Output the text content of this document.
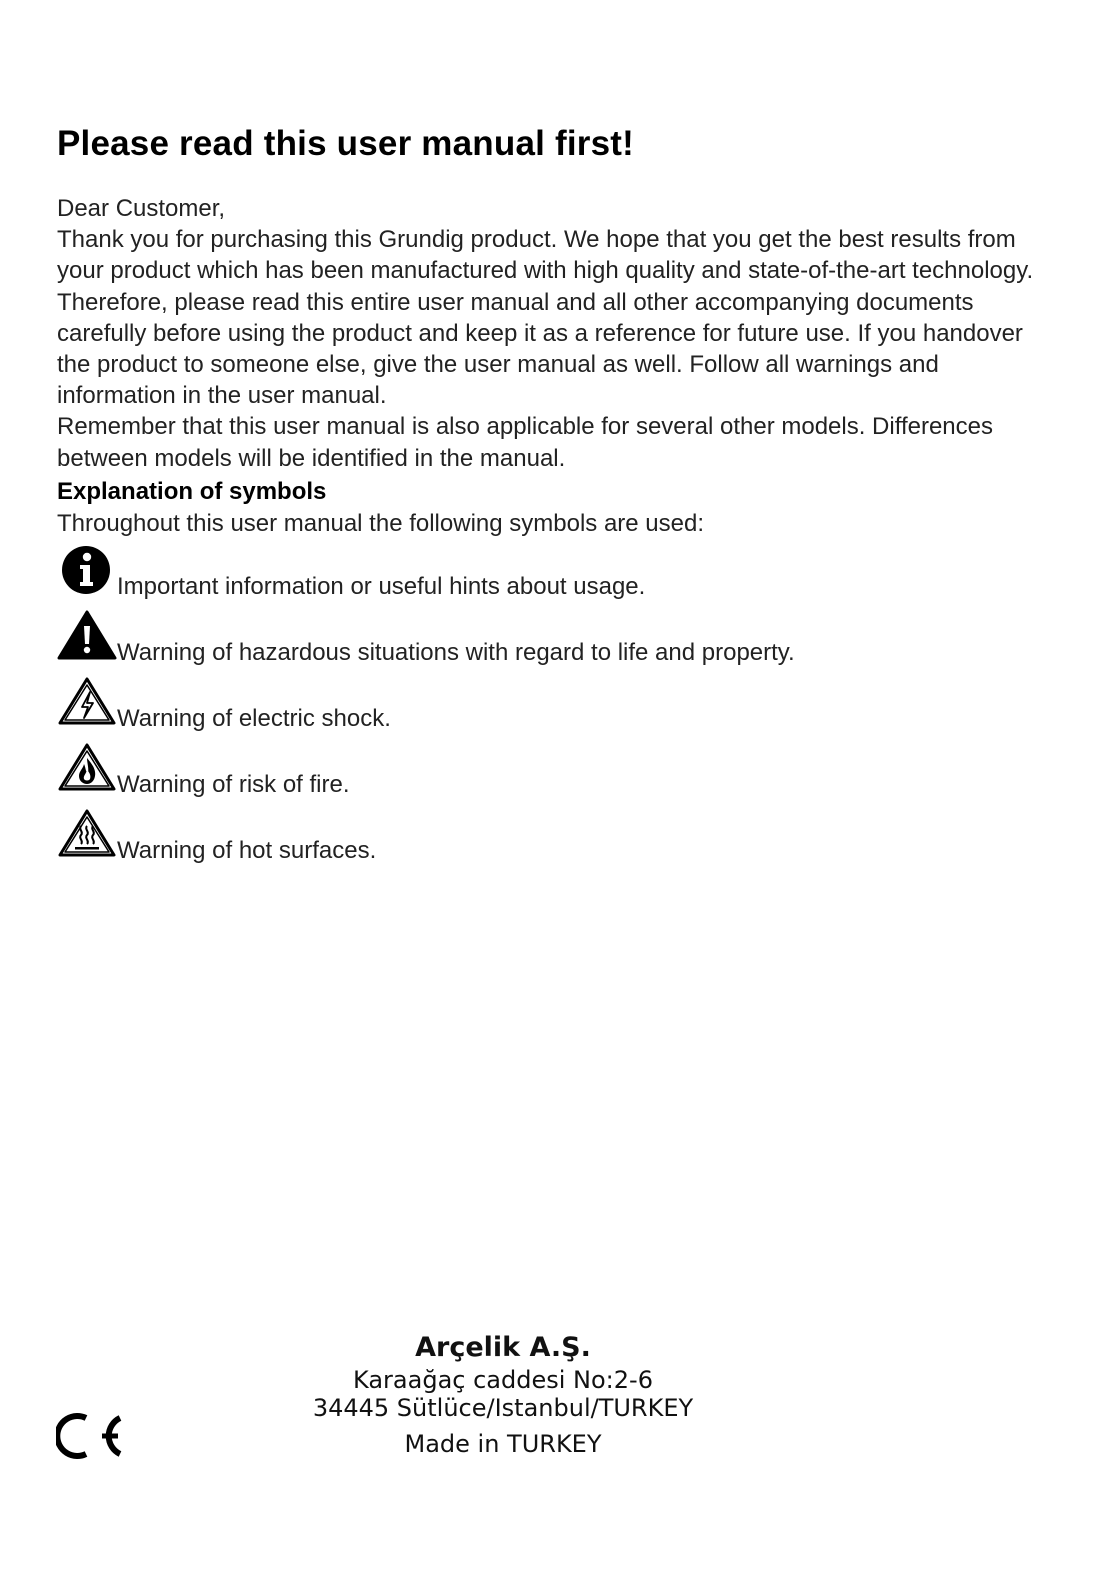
Please read this user manual first!

Dear Customer,

Thank you for purchasing this Grundig product. We hope that you get the best results from your product which has been manufactured with high quality and state-of-the-art technology. Therefore, please read this entire user manual and all other accompanying documents carefully before using the product and keep it as a reference for future use. If you handover the product to someone else, give the user manual as well. Follow all warnings and information in the user manual.

Remember that this user manual is also applicable for several other models. Differences between models will be identified in the manual.

Explanation of symbols

Throughout this user manual the following symbols are used:

Important information or useful hints about usage.
Warning of hazardous situations with regard to life and property.
Warning of electric shock.
Warning of risk of fire.
Warning of hot surfaces.
Arçelik A.Ş.
Karaağaç caddesi No:2-6
34445 Sütlüce/Istanbul/TURKEY
Made in TURKEY
